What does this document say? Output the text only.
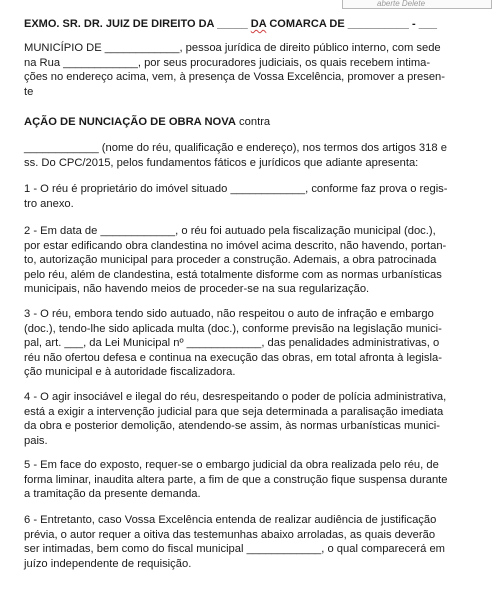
aberte Delete
EXMO. SR. DR. JUIZ DE DIREITO DA _____ DA COMARCA DE __________ - ___
MUNICÍPIO DE ____________, pessoa jurídica de direito público interno, com sede
na Rua ____________, por seus procuradores judiciais, os quais recebem intima-
ções no endereço acima, vem, à presença de Vossa Excelência, promover a presen-
te
AÇÃO DE NUNCIAÇÃO DE OBRA NOVA contra
____________ (nome do réu, qualificação e endereço), nos termos dos artigos 318 e
ss. Do CPC/2015, pelos fundamentos fáticos e jurídicos que adiante apresenta:
1 - O réu é proprietário do imóvel situado ____________, conforme faz prova o regis-
tro anexo.
2 - Em data de ____________, o réu foi autuado pela fiscalização municipal (doc.),
por estar edificando obra clandestina no imóvel acima descrito, não havendo, portan-
to, autorização municipal para proceder a construção. Ademais, a obra patrocinada
pelo réu, além de clandestina, está totalmente disforme com as normas urbanísticas
municipais, não havendo meios de proceder-se na sua regularização.
3 - O réu, embora tendo sido autuado, não respeitou o auto de infração e embargo
(doc.), tendo-lhe sido aplicada multa (doc.), conforme previsão na legislação munici-
pal, art. ___, da Lei Municipal nº ____________, das penalidades administrativas, o
réu não ofertou defesa e continua na execução das obras, em total afronta à legisla-
ção municipal e à autoridade fiscalizadora.
4 - O agir insociável e ilegal do réu, desrespeitando o poder de polícia administrativa,
está a exigir a intervenção judicial para que seja determinada a paralisação imediata
da obra e posterior demolição, atendendo-se assim, às normas urbanísticas munici-
pais.
5 - Em face do exposto, requer-se o embargo judicial da obra realizada pelo réu, de
forma liminar, inaudita altera parte, a fim de que a construção fique suspensa durante
a tramitação da presente demanda.
6 - Entretanto, caso Vossa Excelência entenda de realizar audiência de justificação
prévia, o autor requer a oitiva das testemunhas abaixo arroladas, as quais deverão
ser intimadas, bem como do fiscal municipal ____________, o qual comparecerá em
juízo independente de requisição.
